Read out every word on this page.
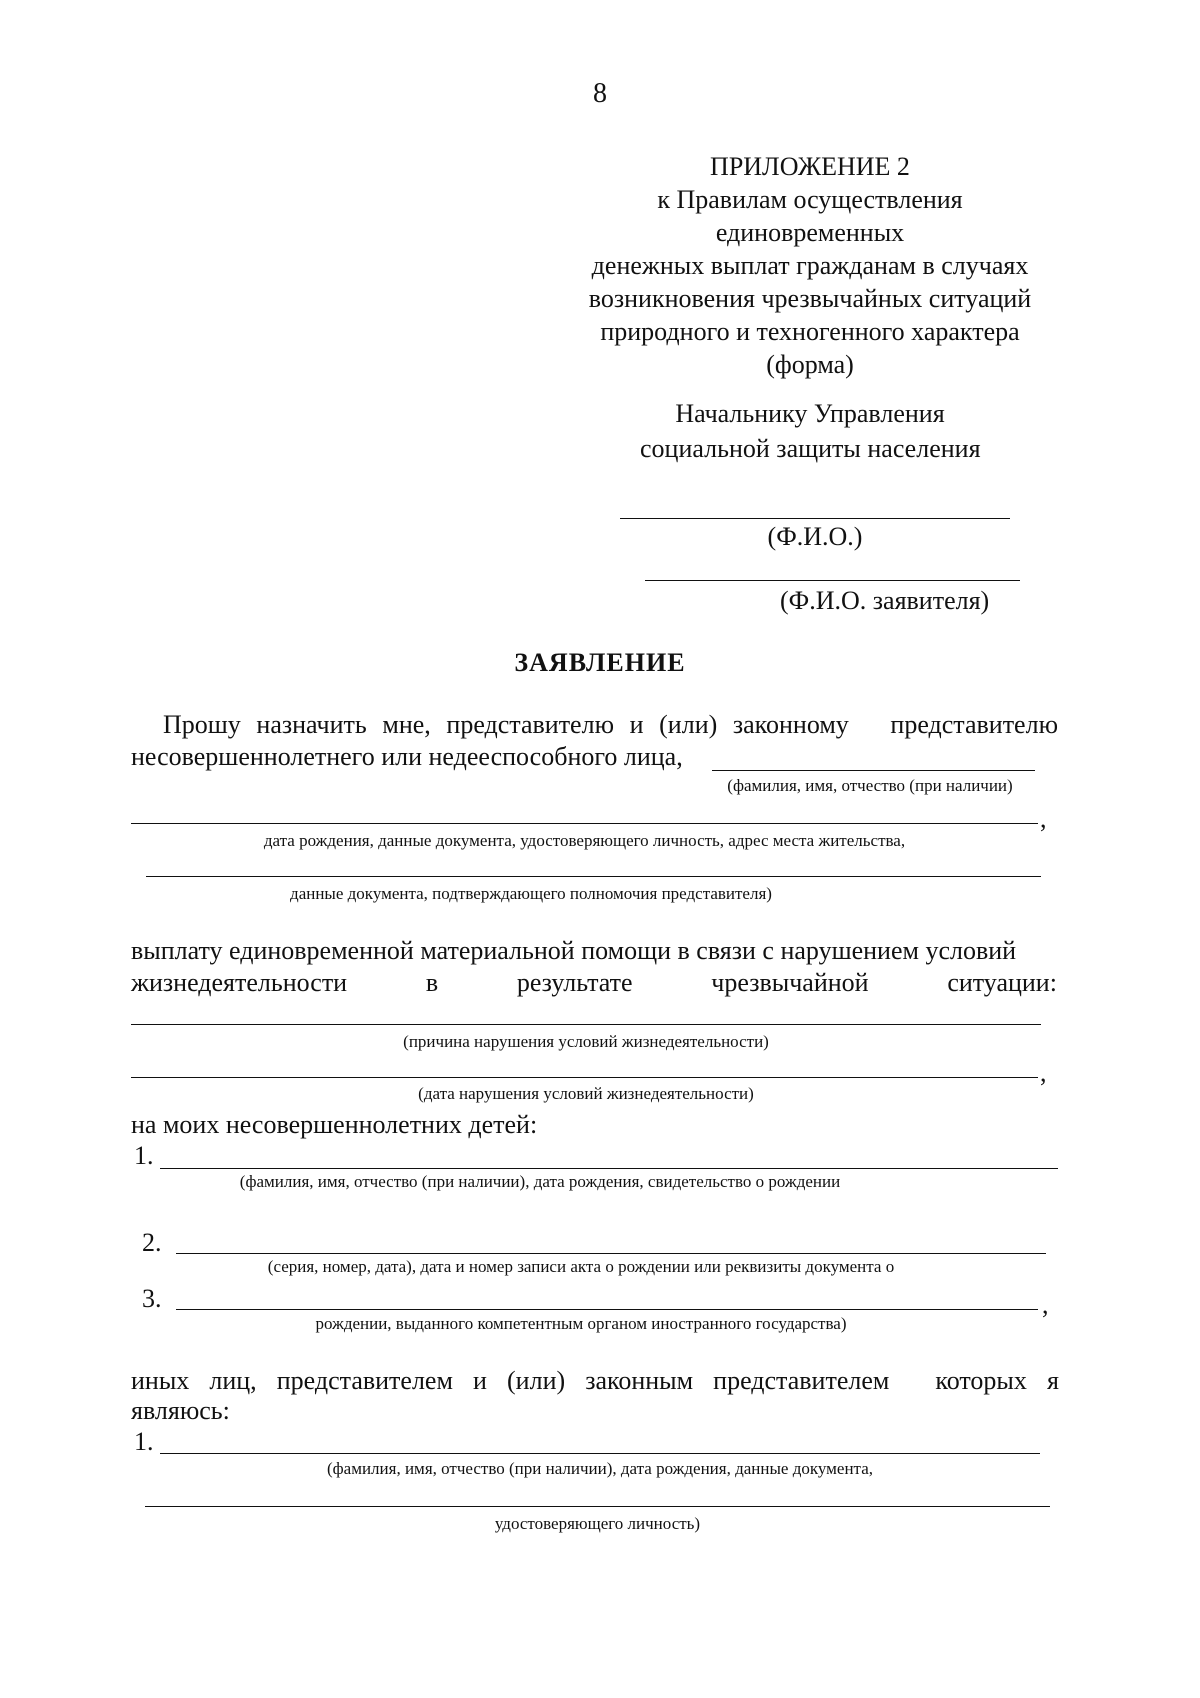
8
ПРИЛОЖЕНИЕ 2
к Правилам осуществления
единовременных
денежных выплат гражданам в случаях
возникновения чрезвычайных ситуаций
природного и техногенного характера
(форма)
Начальнику Управления
социальной защиты населения
(Ф.И.О.)
(Ф.И.О. заявителя)
ЗАЯВЛЕНИЕ
Прошу назначить мне, представителю и (или) законному представителю
несовершеннолетнего или недееспособного лица,
(фамилия, имя, отчество (при наличии)
,
дата рождения, данные документа, удостоверяющего личность, адрес места жительства,
данные документа, подтверждающего полномочия представителя)
выплату единовременной материальной помощи в связи с нарушением условий
жизнедеятельности	в	результате	чрезвычайной	ситуации:
(причина нарушения условий жизнедеятельности)
,
(дата нарушения условий жизнедеятельности)
на моих несовершеннолетних детей:
1.
(фамилия, имя, отчество (при наличии), дата рождения, свидетельство о рождении
2.
(серия, номер, дата), дата и номер записи акта о рождении или реквизиты документа о
3.	,
рождении, выданного компетентным органом иностранного государства)
иных лиц, представителем и (или) законным представителем которых я
являюсь:
1.
(фамилия, имя, отчество (при наличии), дата рождения, данные документа,
удостоверяющего личность)
